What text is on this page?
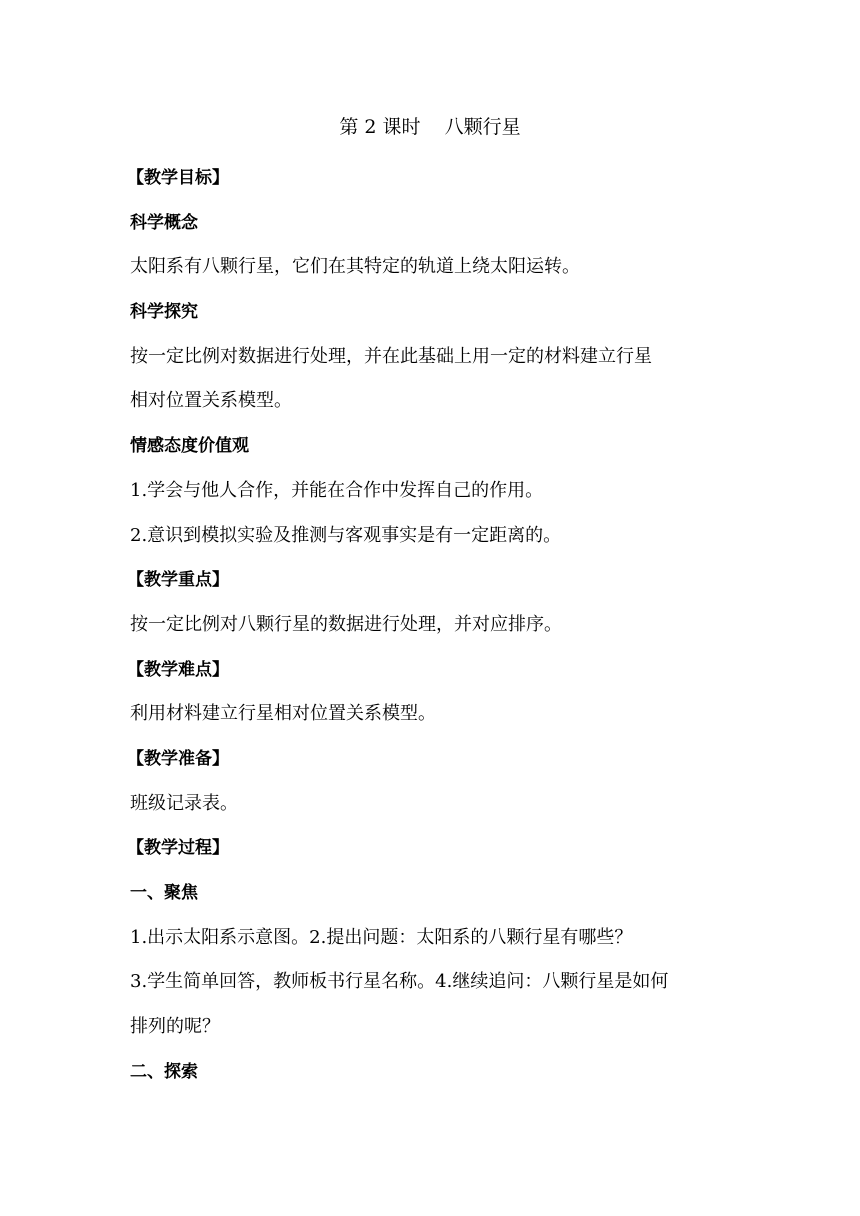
第 2 课时    八颗行星
【教学目标】
科学概念
太阳系有八颗行星，它们在其特定的轨道上绕太阳运转。
科学探究
按一定比例对数据进行处理，并在此基础上用一定的材料建立行星
相对位置关系模型。
情感态度价值观
1.学会与他人合作，并能在合作中发挥自己的作用。
2.意识到模拟实验及推测与客观事实是有一定距离的。
【教学重点】
按一定比例对八颗行星的数据进行处理，并对应排序。
【教学难点】
利用材料建立行星相对位置关系模型。
【教学准备】
班级记录表。
【教学过程】
一、聚焦
1.出示太阳系示意图。2.提出问题：太阳系的八颗行星有哪些？
3.学生简单回答，教师板书行星名称。4.继续追问：八颗行星是如何
排列的呢？
二、探索
